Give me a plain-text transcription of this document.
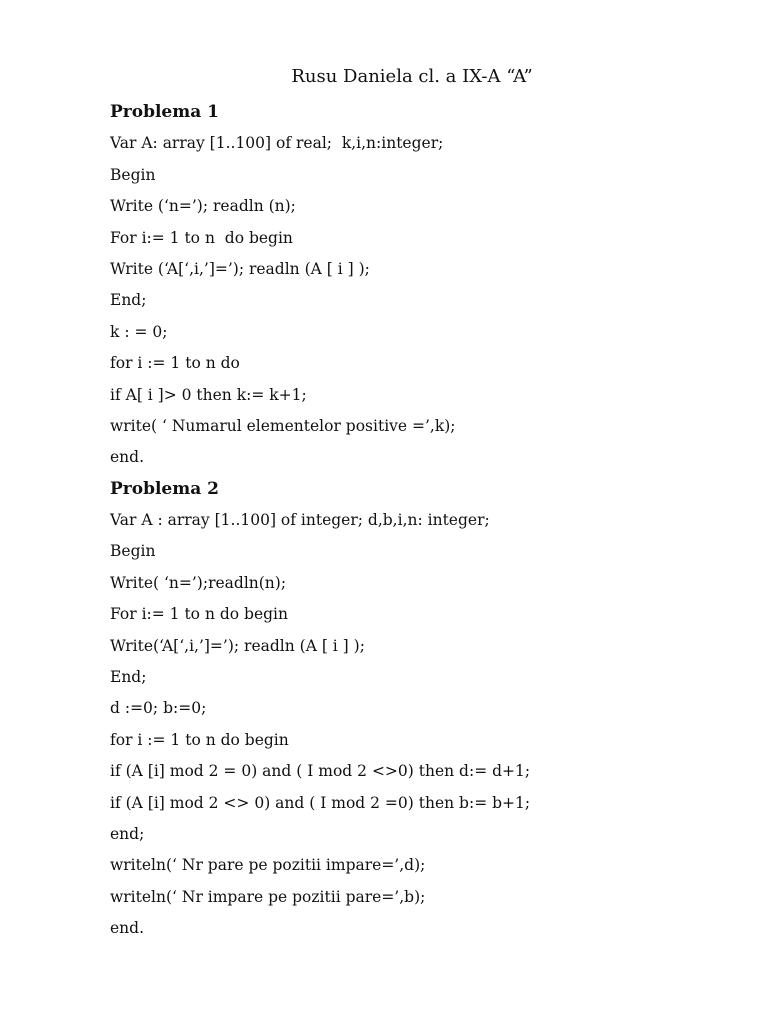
Rusu Daniela cl. a IX-A “A”
Problema 1
Var A: array [1..100] of real;  k,i,n:integer;
Begin
Write (‘n=’); readln (n);
For i:= 1 to n  do begin
Write (‘A[‘,i,’]=’); readln (A [ i ] );
End;
k : = 0;
for i := 1 to n do
if A[ i ]> 0 then k:= k+1;
write( ‘ Numarul elementelor positive =’,k);
end.
Problema 2
Var A : array [1..100] of integer; d,b,i,n: integer;
Begin
Write( ‘n=’);readln(n);
For i:= 1 to n do begin
Write(‘A[‘,i,’]=’); readln (A [ i ] );
End;
d :=0; b:=0;
for i := 1 to n do begin
if (A [i] mod 2 = 0) and ( I mod 2 <>0) then d:= d+1;
if (A [i] mod 2 <> 0) and ( I mod 2 =0) then b:= b+1;
end;
writeln(‘ Nr pare pe pozitii impare=’,d);
writeln(‘ Nr impare pe pozitii pare=’,b);
end.
